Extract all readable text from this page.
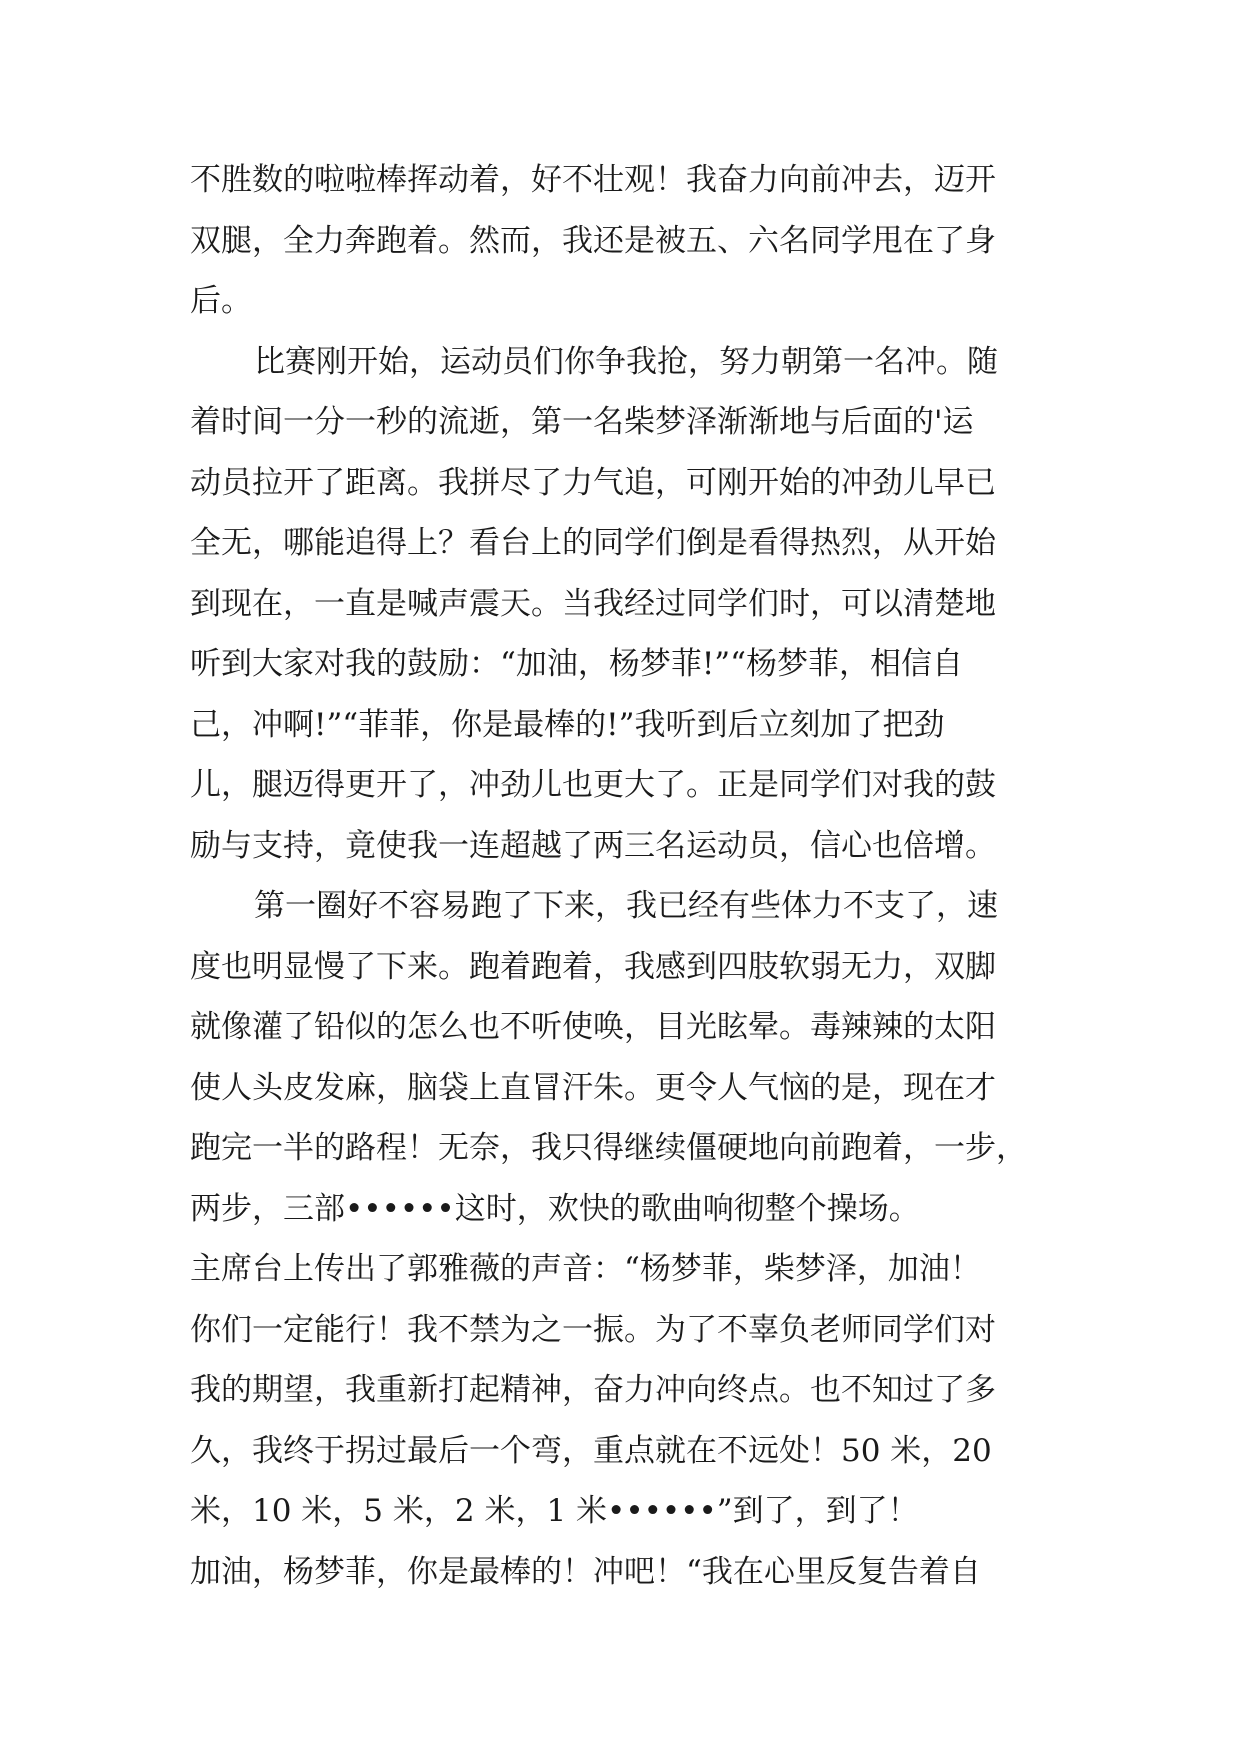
不胜数的啦啦棒挥动着，好不壮观！我奋力向前冲去，迈开
双腿，全力奔跑着。然而，我还是被五、六名同学甩在了身
后。
比赛刚开始，运动员们你争我抢，努力朝第一名冲。随
着时间一分一秒的流逝，第一名柴梦泽渐渐地与后面的'运
动员拉开了距离。我拼尽了力气追，可刚开始的冲劲儿早已
全无，哪能追得上？看台上的同学们倒是看得热烈，从开始
到现在，一直是喊声震天。当我经过同学们时，可以清楚地
听到大家对我的鼓励：“加油，杨梦菲!”“杨梦菲，相信自
己，冲啊!”“菲菲，你是最棒的!”我听到后立刻加了把劲
儿，腿迈得更开了，冲劲儿也更大了。正是同学们对我的鼓
励与支持，竟使我一连超越了两三名运动员，信心也倍增。
第一圈好不容易跑了下来，我已经有些体力不支了，速
度也明显慢了下来。跑着跑着，我感到四肢软弱无力，双脚
就像灌了铅似的怎么也不听使唤，目光眩晕。毒辣辣的太阳
使人头皮发麻，脑袋上直冒汗朱。更令人气恼的是，现在才
跑完一半的路程！无奈，我只得继续僵硬地向前跑着，一步，
两步，三部••••••这时，欢快的歌曲响彻整个操场。
主席台上传出了郭雅薇的声音：“杨梦菲，柴梦泽，加油！
你们一定能行！我不禁为之一振。为了不辜负老师同学们对
我的期望，我重新打起精神，奋力冲向终点。也不知过了多
久，我终于拐过最后一个弯，重点就在不远处！50 米，20
米，10 米，5 米，2 米，1 米••••••”到了，到了！
加油，杨梦菲，你是最棒的！冲吧！“我在心里反复告着自
